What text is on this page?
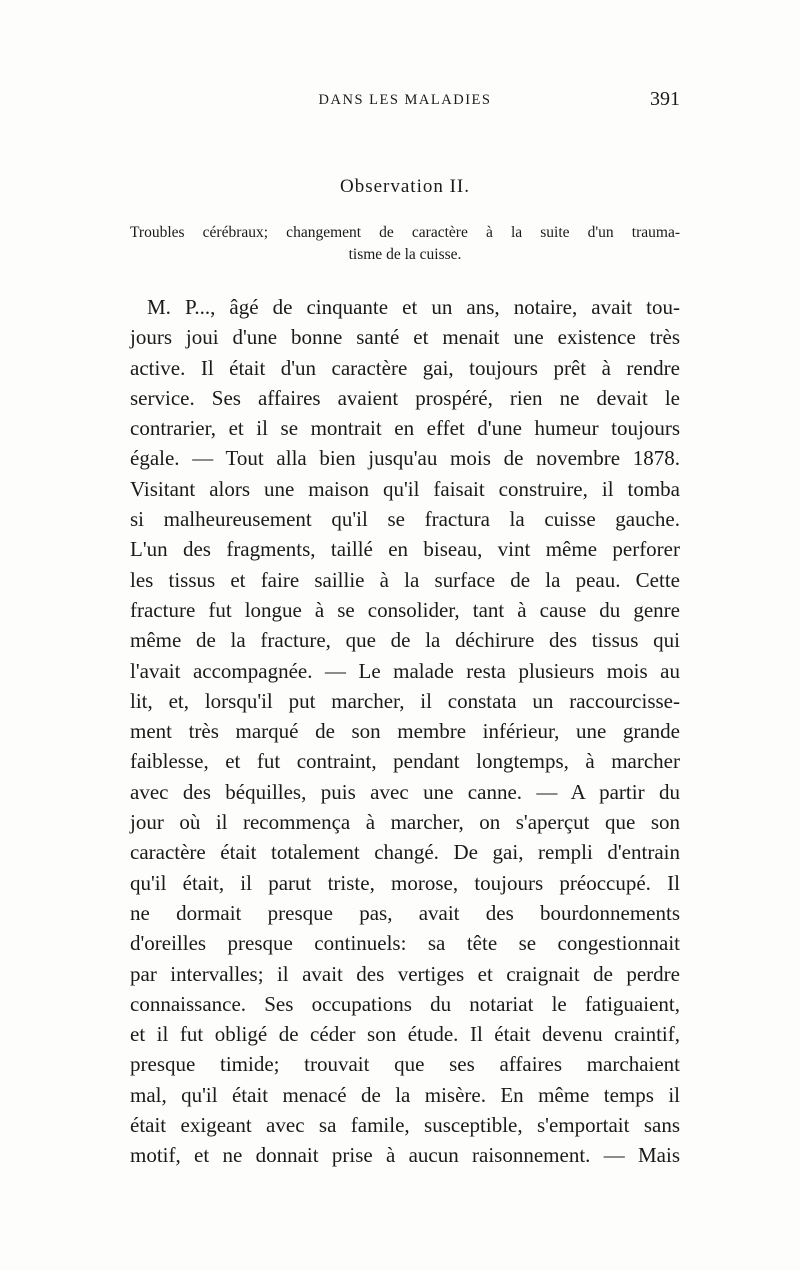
DANS LES MALADIES	391
Observation II.
Troubles cérébraux; changement de caractère à la suite d'un trauma-
tisme de la cuisse.
M. P..., âgé de cinquante et un ans, notaire, avait tou-
jours joui d'une bonne santé et menait une existence très
active. Il était d'un caractère gai, toujours prêt à rendre
service. Ses affaires avaient prospéré, rien ne devait le
contrarier, et il se montrait en effet d'une humeur toujours
égale. — Tout alla bien jusqu'au mois de novembre 1878.
Visitant alors une maison qu'il faisait construire, il tomba
si malheureusement qu'il se fractura la cuisse gauche.
L'un des fragments, taillé en biseau, vint même perforer
les tissus et faire saillie à la surface de la peau. Cette
fracture fut longue à se consolider, tant à cause du genre
même de la fracture, que de la déchirure des tissus qui
l'avait accompagnée. — Le malade resta plusieurs mois au
lit, et, lorsqu'il put marcher, il constata un raccourcisse-
ment très marqué de son membre inférieur, une grande
faiblesse, et fut contraint, pendant longtemps, à marcher
avec des béquilles, puis avec une canne. — A partir du
jour où il recommença à marcher, on s'aperçut que son
caractère était totalement changé. De gai, rempli d'entrain
qu'il était, il parut triste, morose, toujours préoccupé. Il
ne dormait presque pas, avait des bourdonnements
d'oreilles presque continuels: sa tête se congestionnait
par intervalles; il avait des vertiges et craignait de perdre
connaissance. Ses occupations du notariat le fatiguaient,
et il fut obligé de céder son étude. Il était devenu craintif,
presque timide; trouvait que ses affaires marchaient
mal, qu'il était menacé de la misère. En même temps il
était exigeant avec sa famile, susceptible, s'emportait sans
motif, et ne donnait prise à aucun raisonnement. — Mais
